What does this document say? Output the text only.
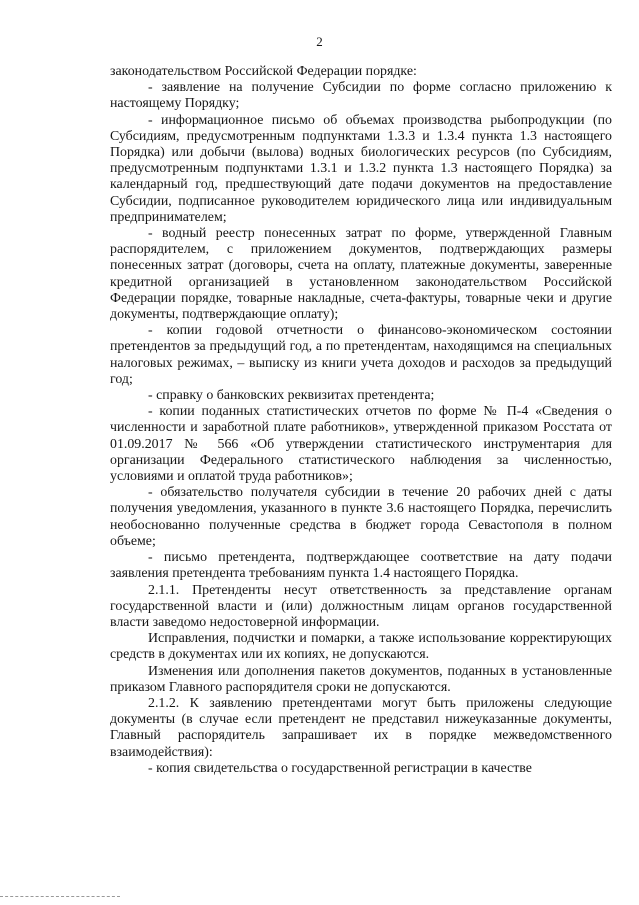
2

законодательством Российской Федерации порядке:

- заявление на получение Субсидии по форме согласно приложению к настоящему Порядку;

- информационное письмо об объемах производства рыбопродукции (по Субсидиям, предусмотренным подпунктами 1.3.3 и 1.3.4 пункта 1.3 настоящего Порядка) или добычи (вылова) водных биологических ресурсов (по Субсидиям, предусмотренным подпунктами 1.3.1 и 1.3.2 пункта 1.3 настоящего Порядка) за календарный год, предшествующий дате подачи документов на предоставление Субсидии, подписанное руководителем юридического лица или индивидуальным предпринимателем;

- водный реестр понесенных затрат по форме, утвержденной Главным распорядителем, с приложением документов, подтверждающих размеры понесенных затрат (договоры, счета на оплату, платежные документы, заверенные кредитной организацией в установленном законодательством Российской Федерации порядке, товарные накладные, счета-фактуры, товарные чеки и другие документы, подтверждающие оплату);

- копии годовой отчетности о финансово-экономическом состоянии претендентов за предыдущий год, а по претендентам, находящимся на специальных налоговых режимах, – выписку из книги учета доходов и расходов за предыдущий год;

- справку о банковских реквизитах претендента;

- копии поданных статистических отчетов по форме № П-4 «Сведения о численности и заработной плате работников», утвержденной приказом Росстата от 01.09.2017 № 566 «Об утверждении статистического инструментария для организации Федерального статистического наблюдения за численностью, условиями и оплатой труда работников»;

- обязательство получателя субсидии в течение 20 рабочих дней с даты получения уведомления, указанного в пункте 3.6 настоящего Порядка, перечислить необоснованно полученные средства в бюджет города Севастополя в полном объеме;

- письмо претендента, подтверждающее соответствие на дату подачи заявления претендента требованиям пункта 1.4 настоящего Порядка.

2.1.1. Претенденты несут ответственность за представление органам государственной власти и (или) должностным лицам органов государственной власти заведомо недостоверной информации.

Исправления, подчистки и помарки, а также использование корректирующих средств в документах или их копиях, не допускаются.

Изменения или дополнения пакетов документов, поданных в установленные приказом Главного распорядителя сроки не допускаются.

2.1.2. К заявлению претендентами могут быть приложены следующие документы (в случае если претендент не представил нижеуказанные документы, Главный распорядитель запрашивает их в порядке межведомственного взаимодействия):

- копия свидетельства о государственной регистрации в качестве
